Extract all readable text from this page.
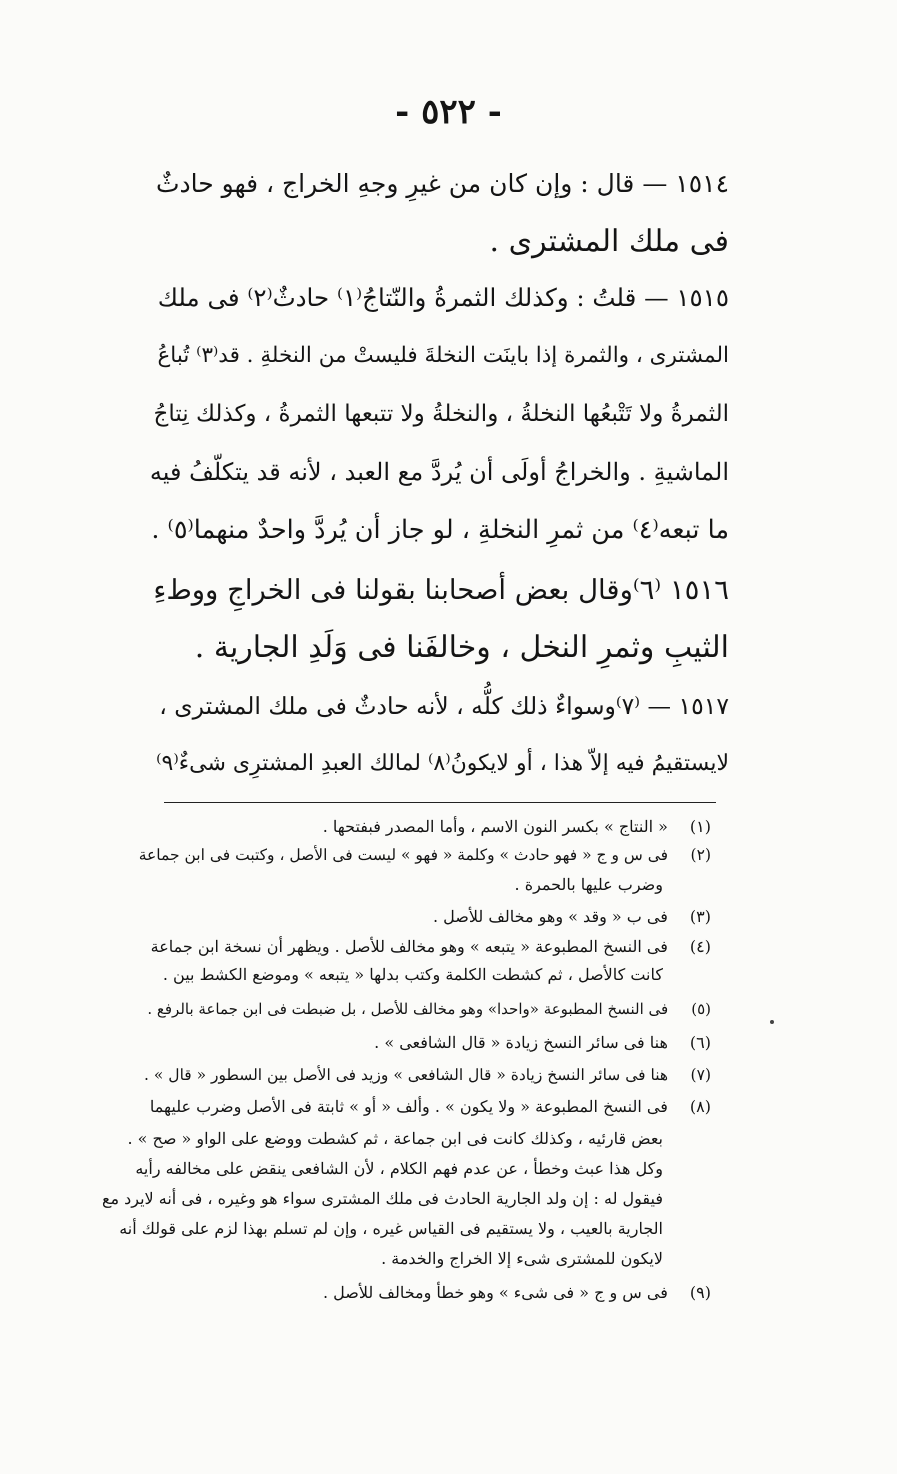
- ٥٢٢ -
١٥١٤ — قال : وإن كان من غيرِ وجهِ الخراج ، فهو حادثٌ
فى ملك المشترى .
١٥١٥ — قلتُ : وكذلك الثمرةُ والنّتاجُ⁽١⁾ حادثٌ⁽٢⁾ فى ملك
المشترى ، والثمرة إذا باينَت النخلةَ فليستْ من النخلةِ . قد⁽٣⁾ تُباعُ
الثمرةُ ولا تَتْبعُها النخلةُ ، والنخلةُ ولا تتبعها الثمرةُ ، وكذلك نِتاجُ
الماشيةِ . والخراجُ أولَى أن يُردَّ مع العبد ، لأنه قد يتكلّفُ فيه
ما تبعه⁽٤⁾ من ثمرِ النخلةِ ، لو جاز أن يُردَّ واحدٌ منهما⁽٥⁾ .
١٥١٦ ⁽٦⁾وقال بعض أصحابنا بقولنا فى الخراجِ ووطءِ
الثيبِ وثمرِ النخل ، وخالفَنا فى وَلَدِ الجارية .
١٥١٧ — ⁽٧⁾وسواءٌ ذلك كلُّه ، لأنه حادثٌ فى ملك المشترى ،
لايستقيمُ فيه إلاّ هذا ، أو لايكونُ⁽٨⁾ لمالك العبدِ المشترِى شىءٌ⁽٩⁾
(١) « النتاج » بكسر النون الاسم ، وأما المصدر فبفتحها .
(٢) فى س و ج « فهو حادث » وكلمة « فهو » ليست فى الأصل ، وكتبت فى ابن جماعة
وضرب عليها بالحمرة .
(٣) فى ب « وقد » وهو مخالف للأصل .
(٤) فى النسخ المطبوعة « يتبعه » وهو مخالف للأصل . ويظهر أن نسخة ابن جماعة
كانت كالأصل ، ثم كشطت الكلمة وكتب بدلها « يتبعه » وموضع الكشط بين .
(٥) فى النسخ المطبوعة «واحدا» وهو مخالف للأصل ، بل ضبطت فى ابن جماعة بالرفع .
(٦) هنا فى سائر النسخ زيادة « قال الشافعى » .
(٧) هنا فى سائر النسخ زيادة « قال الشافعى » وزيد فى الأصل بين السطور « قال » .
(٨) فى النسخ المطبوعة « ولا يكون » . وألف « أو » ثابتة فى الأصل وضرب عليهما
بعض قارئيه ، وكذلك كانت فى ابن جماعة ، ثم كشطت ووضع على الواو « صح » .
وكل هذا عبث وخطأ ، عن عدم فهم الكلام ، لأن الشافعى ينقض على مخالفه رأيه
فيقول له : إن ولد الجارية الحادث فى ملك المشترى سواء هو وغيره ، فى أنه لايرد مع
الجارية بالعيب ، ولا يستقيم فى القياس غيره ، وإن لم تسلم بهذا لزم على قولك أنه
لايكون للمشترى شىء إلا الخراج والخدمة .
(٩) فى س و ج « فى شىء » وهو خطأ ومخالف للأصل .
